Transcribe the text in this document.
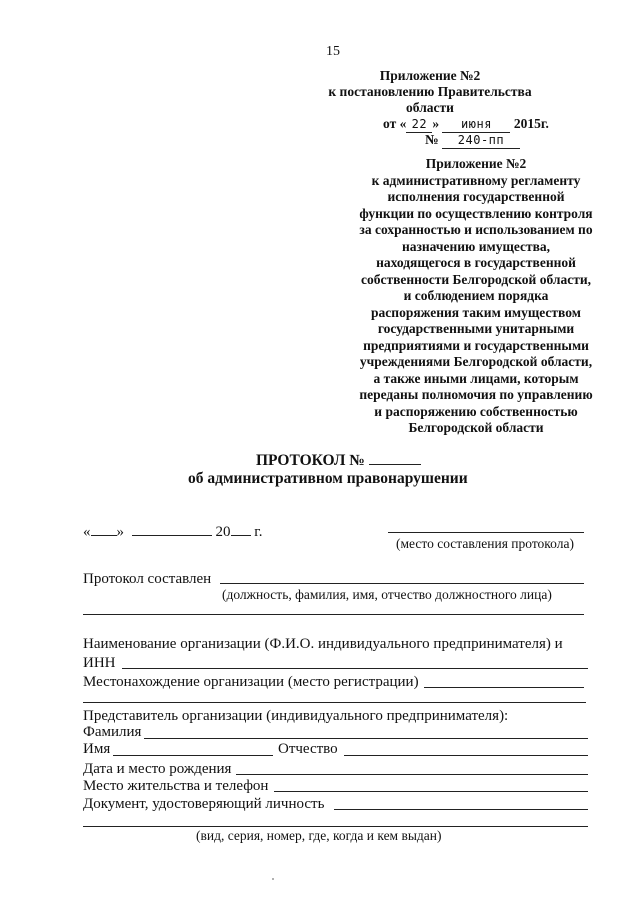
15
Приложение №2
к постановлению Правительства
области
от « 22 » июня 2015г.
№ 240-пп
Приложение №2
к административному регламенту
исполнения государственной
функции по осуществлению контроля
за сохранностью и использованием по
назначению имущества,
находящегося в государственной
собственности Белгородской области,
и соблюдением порядка
распоряжения таким имуществом
государственными унитарными
предприятиями и государственными
учреждениями Белгородской области,
а также иными лицами, которым
переданы полномочия по управлению
и распоряжению собственностью
Белгородской области
ПРОТОКОЛ №
об административном правонарушении
« »	20 г.
(место составления протокола)
Протокол составлен
(должность, фамилия, имя, отчество должностного лица)
Наименование организации (Ф.И.О. индивидуального предпринимателя) и
ИНН
Местонахождение организации (место регистрации)
Представитель организации (индивидуального предпринимателя):
Фамилия
Имя	Отчество
Дата и место рождения
Место жительства и телефон
Документ, удостоверяющий личность
(вид, серия, номер, где, когда и кем выдан)
